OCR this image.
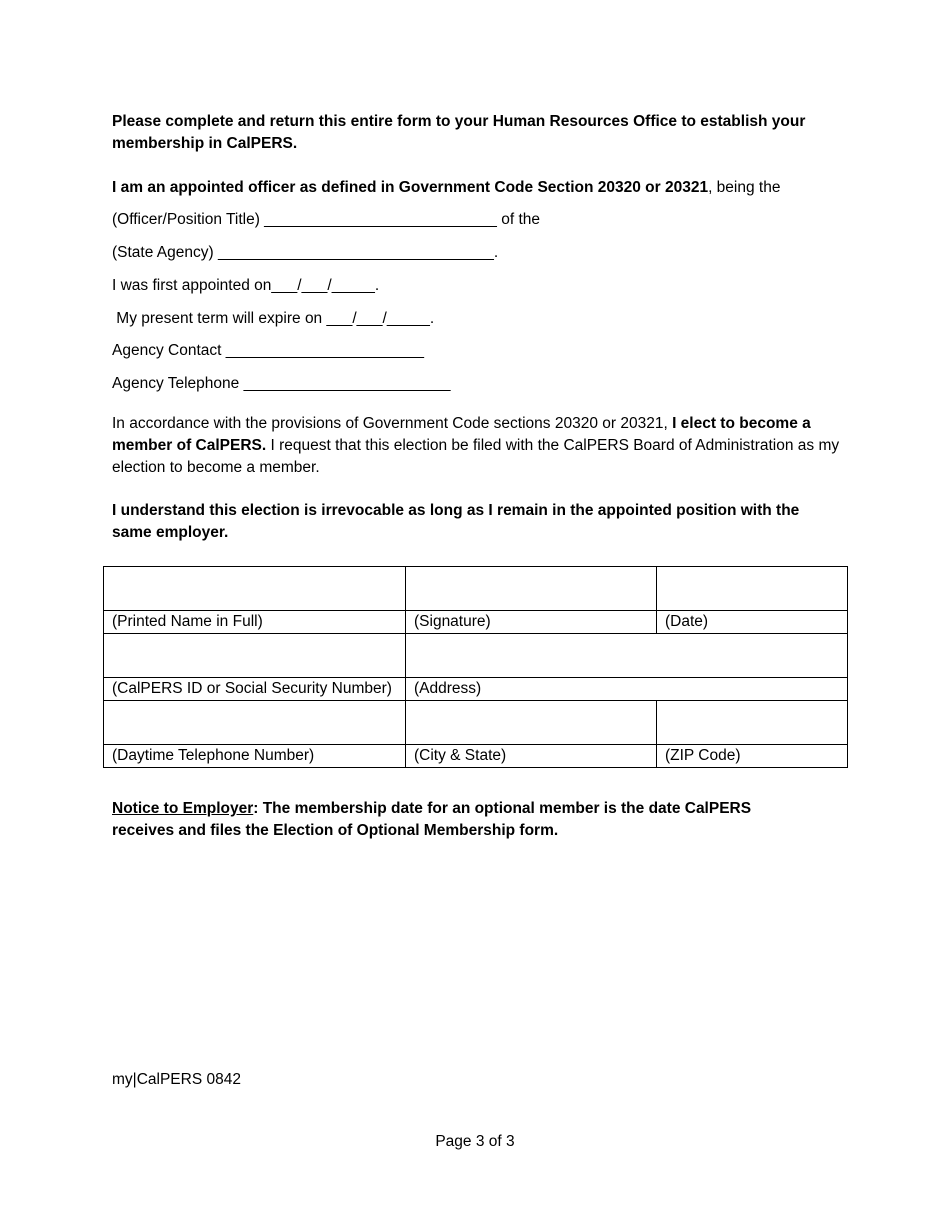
Please complete and return this entire form to your Human Resources Office to establish your membership in CalPERS.
I am an appointed officer as defined in Government Code Section 20320 or 20321, being the
(Officer/Position Title) ___________________________ of the
(State Agency) ________________________________.
I was first appointed on___/___/_____.
My present term will expire on ___/___/_____.
Agency Contact _______________________
Agency Telephone ________________________
In accordance with the provisions of Government Code sections 20320 or 20321, I elect to become a member of CalPERS. I request that this election be filed with the CalPERS Board of Administration as my election to become a member.
I understand this election is irrevocable as long as I remain in the appointed position with the same employer.

(Printed Name in Full)	(Signature)	(Date)

(CalPERS ID or Social Security Number)	(Address)	

(Daytime Telephone Number)	(City & State)	(ZIP Code)
Notice to Employer: The membership date for an optional member is the date CalPERS receives and files the Election of Optional Membership form.
my|CalPERS 0842
Page 3 of 3
